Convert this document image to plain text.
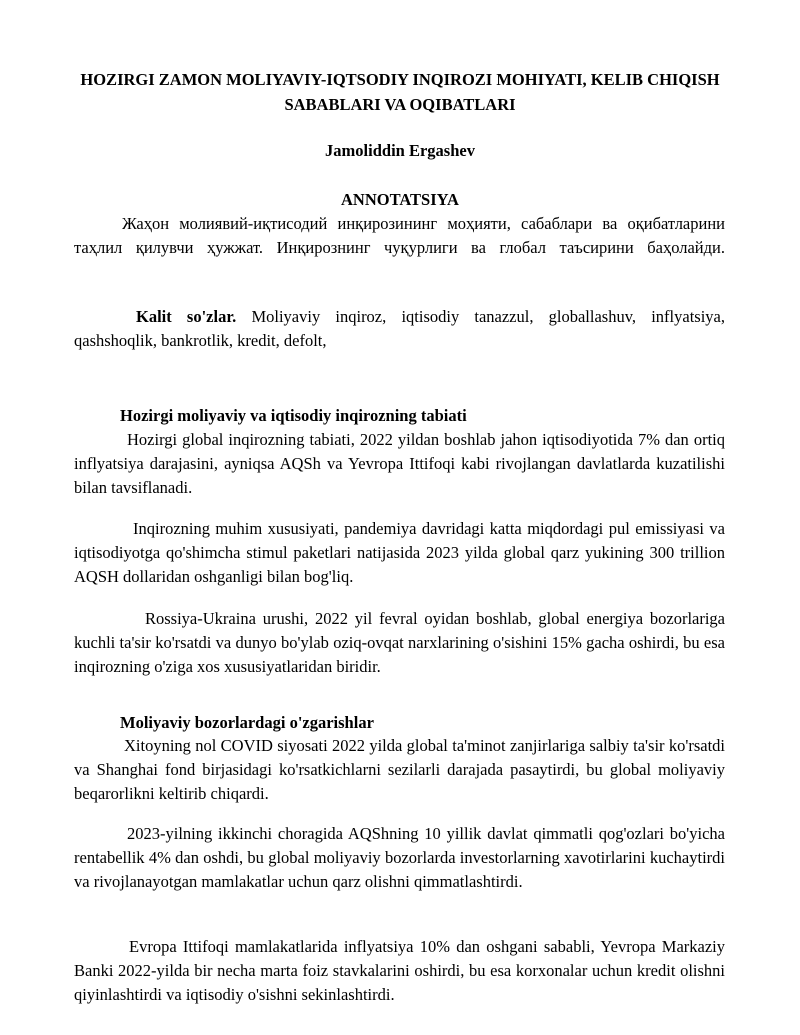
HOZIRGI ZAMON MOLIYAVIY-IQTSODIY INQIROZI MOHIYATI, KELIB CHIQISH SABABLARI VA OQIBATLARI

Jamoliddin Ergashev

ANNOTATSIYA

Жаҳон молиявий-иқтисодий инқирозининг моҳияти, сабаблари ва оқибатларини таҳлил қилувчи ҳужжат. Инқирознинг чуқурлиги ва глобал таъсирини баҳолайди.

Kalit so'zlar. Moliyaviy inqiroz, iqtisodiy tanazzul, globallashuv, inflyatsiya, qashshoqlik, bankrotlik, kredit, defolt,

Hozirgi moliyaviy va iqtisodiy inqirozning tabiati

Hozirgi global inqirozning tabiati, 2022 yildan boshlab jahon iqtisodiyotida 7% dan ortiq inflyatsiya darajasini, ayniqsa AQSh va Yevropa Ittifoqi kabi rivojlangan davlatlarda kuzatilishi bilan tavsiflanadi.

Inqirozning muhim xususiyati, pandemiya davridagi katta miqdordagi pul emissiyasi va iqtisodiyotga qo'shimcha stimul paketlari natijasida 2023 yilda global qarz yukining 300 trillion AQSH dollaridan oshganligi bilan bog'liq.

Rossiya-Ukraina urushi, 2022 yil fevral oyidan boshlab, global energiya bozorlariga kuchli ta'sir ko'rsatdi va dunyo bo'ylab oziq-ovqat narxlarining o'sishini 15% gacha oshirdi, bu esa inqirozning o'ziga xos xususiyatlaridan biridir.

Moliyaviy bozorlardagi o'zgarishlar

Xitoyning nol COVID siyosati 2022 yilda global ta'minot zanjirlariga salbiy ta'sir ko'rsatdi va Shanghai fond birjasidagi ko'rsatkichlarni sezilarli darajada pasaytirdi, bu global moliyaviy beqarorlikni keltirib chiqardi.

2023-yilning ikkinchi choragida AQShning 10 yillik davlat qimmatli qog'ozlari bo'yicha rentabellik 4% dan oshdi, bu global moliyaviy bozorlarda investorlarning xavotirlarini kuchaytirdi va rivojlanayotgan mamlakatlar uchun qarz olishni qimmatlashtirdi.

Evropa Ittifoqi mamlakatlarida inflyatsiya 10% dan oshgani sababli, Yevropa Markaziy Banki 2022-yilda bir necha marta foiz stavkalarini oshirdi, bu esa korxonalar uchun kredit olishni qiyinlashtirdi va iqtisodiy o'sishni sekinlashtirdi.
